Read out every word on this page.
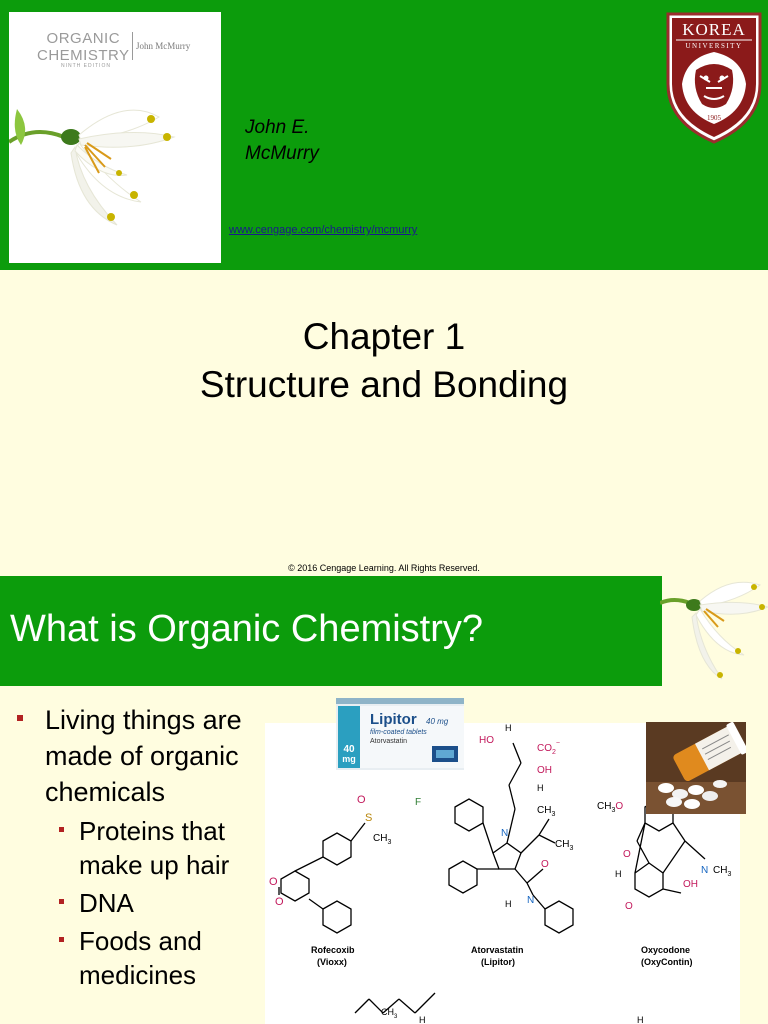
ORGANIC
CHEMISTRY
John McMurry
NINTH EDITION
John E.
McMurry
www.cengage.com/chemistry/mcmurry
KOREA
UNIVERSITY
1905
Chapter 1
Structure and Bonding
© 2016 Cengage Learning. All Rights Reserved.
What is Organic Chemistry?
Living things are made of organic chemicals
Proteins that make up hair
DNA
Foods and medicines
S
O
$CH_3$
O
O
Rofecoxib
(Vioxx)
HO
H
$CO_2^-$
OH
H
F
N
$CH_3$
$CH_3$
O
N
H
Atorvastatin
(Lipitor)
$CH_3O$
O
H
O
OH
N $CH_3$
Oxycodone
(OxyContin)
$CH_3$ H	H
40
mg
Lipitor 40 mg
film-coated tablets
Atorvastatin
